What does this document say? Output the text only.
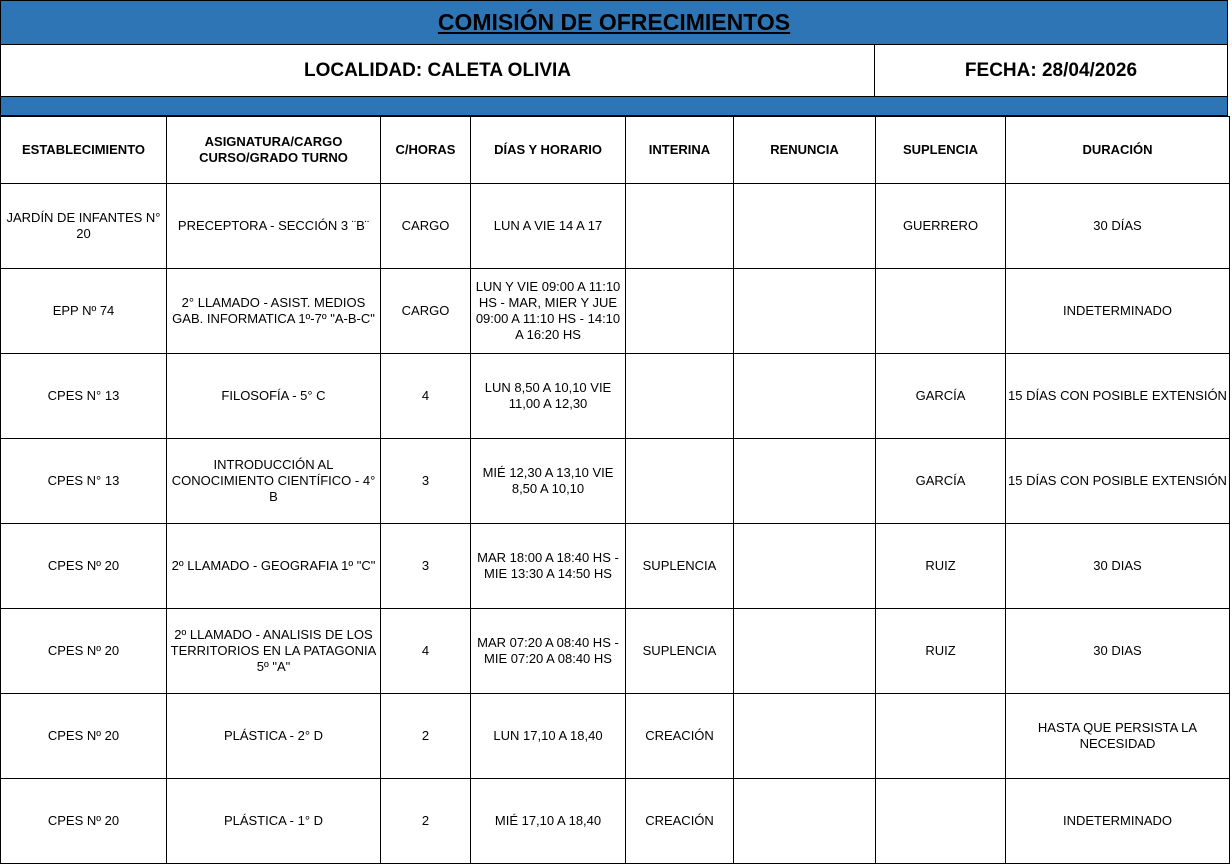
COMISIÓN DE OFRECIMIENTOS
LOCALIDAD: CALETA OLIVIA	FECHA: 28/04/2026
ESTABLECIMIENTO	ASIGNATURA/CARGO CURSO/GRADO TURNO	C/HORAS	DÍAS Y HORARIO	INTERINA	RENUNCIA	SUPLENCIA	DURACIÓN
JARDÍN DE INFANTES N° 20	PRECEPTORA - SECCIÓN 3 ¨B¨	CARGO	LUN A VIE 14 A 17			GUERRERO	30 DÍAS
EPP Nº 74	2° LLAMADO - ASIST. MEDIOS GAB. INFORMATICA 1º-7º "A-B-C"	CARGO	LUN Y VIE 09:00 A 11:10 HS - MAR, MIER Y JUE 09:00 A 11:10 HS - 14:10 A 16:20 HS				INDETERMINADO
CPES N° 13	FILOSOFÍA - 5° C	4	LUN 8,50 A 10,10 VIE 11,00 A 12,30			GARCÍA	15 DÍAS CON POSIBLE EXTENSIÓN
CPES N° 13	INTRODUCCIÓN AL CONOCIMIENTO CIENTÍFICO - 4° B	3	MIÉ 12,30 A 13,10 VIE 8,50 A 10,10			GARCÍA	15 DÍAS CON POSIBLE EXTENSIÓN
CPES Nº 20	2º LLAMADO - GEOGRAFIA 1º "C"	3	MAR 18:00 A 18:40 HS - MIE 13:30 A 14:50 HS	SUPLENCIA		RUIZ	30 DIAS
CPES Nº 20	2º LLAMADO - ANALISIS DE LOS TERRITORIOS EN LA PATAGONIA 5º "A"	4	MAR 07:20 A 08:40 HS - MIE 07:20 A 08:40 HS	SUPLENCIA		RUIZ	30 DIAS
CPES Nº 20	PLÁSTICA - 2° D	2	LUN 17,10 A 18,40	CREACIÓN			HASTA QUE PERSISTA LA NECESIDAD
CPES Nº 20	PLÁSTICA - 1° D	2	MIÉ 17,10 A 18,40	CREACIÓN			INDETERMINADO
